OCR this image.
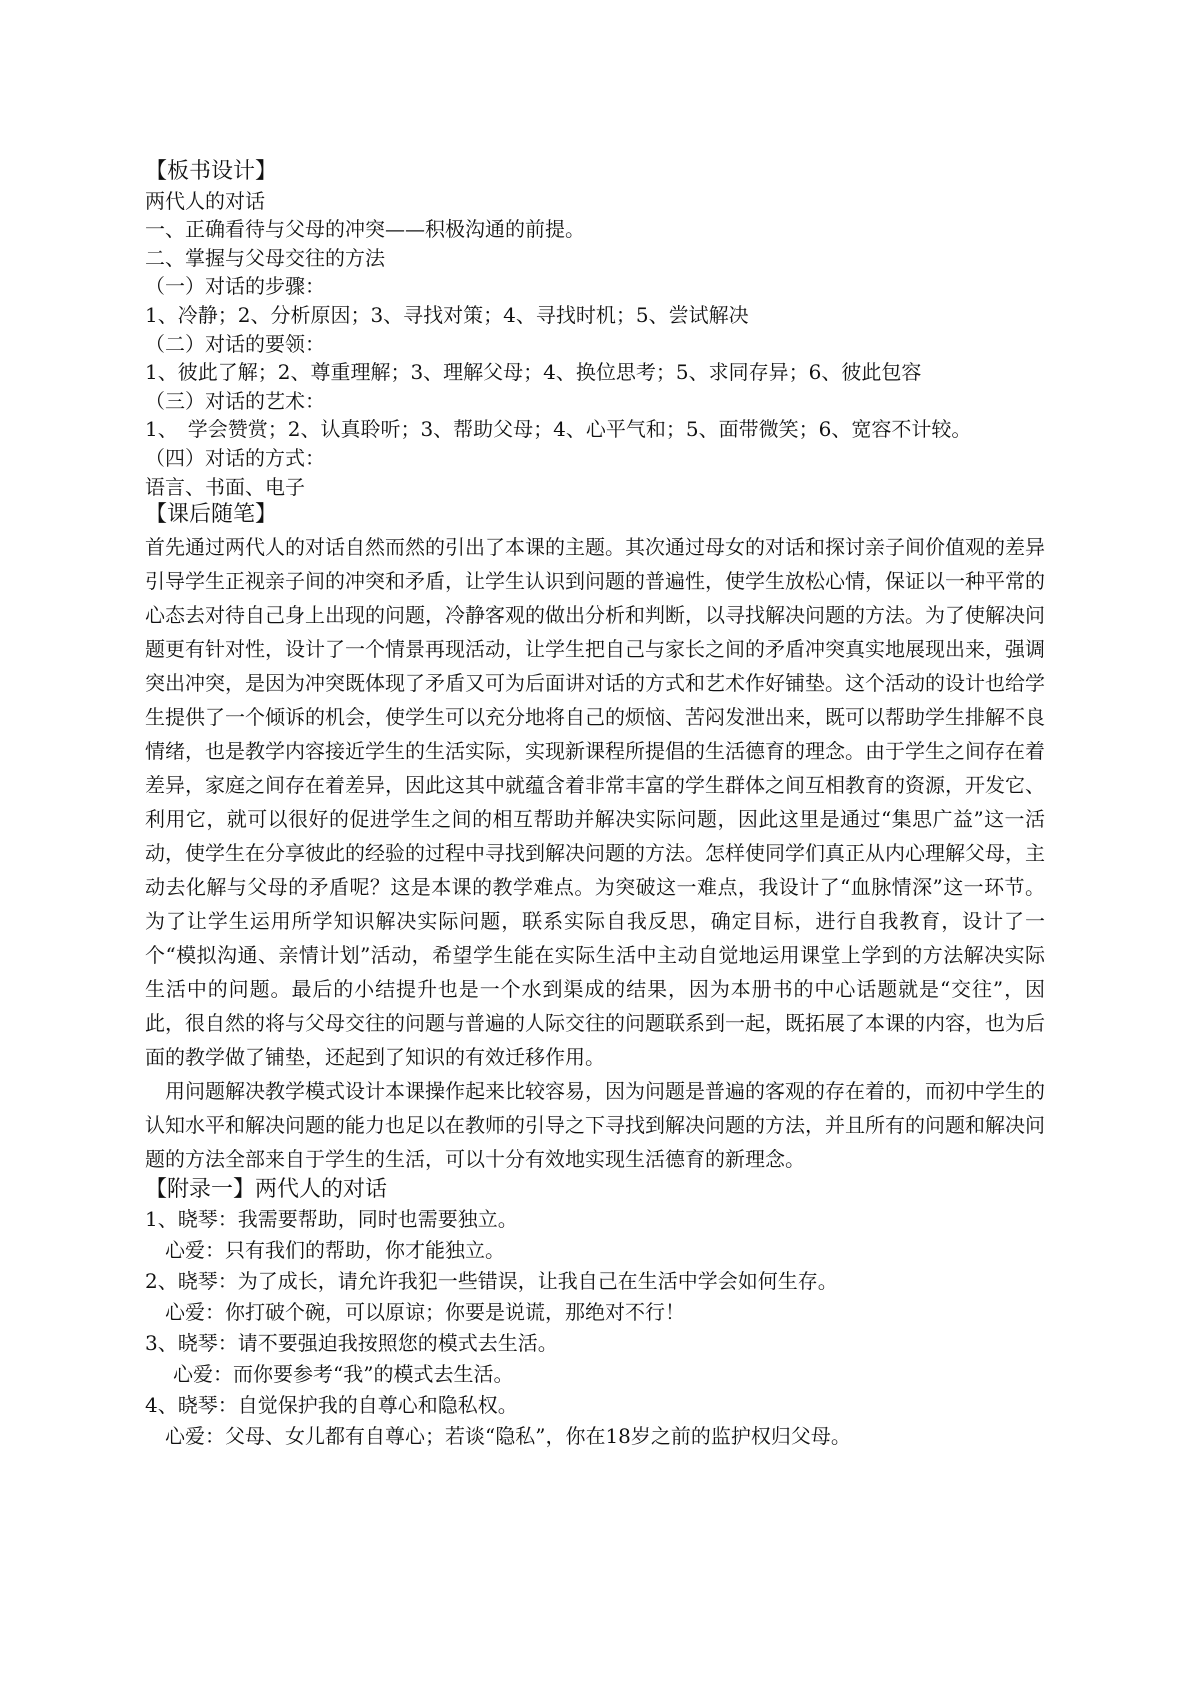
【板书设计】
两代人的对话
一、正确看待与父母的冲突——积极沟通的前提。
二、掌握与父母交往的方法
（一）对话的步骤：
1、冷静；2、分析原因；3、寻找对策；4、寻找时机；5、尝试解决
（二）对话的要领：
1、彼此了解；2、尊重理解；3、理解父母；4、换位思考；5、求同存异；6、彼此包容
（三）对话的艺术：
1、　学会赞赏；2、认真聆听；3、帮助父母；4、心平气和；5、面带微笑；6、宽容不计较。
（四）对话的方式：
语言、书面、电子
【课后随笔】

首先通过两代人的对话自然而然的引出了本课的主题。其次通过母女的对话和探讨亲子间价值观的差异引导学生正视亲子间的冲突和矛盾，让学生认识到问题的普遍性，使学生放松心情，保证以一种平常的心态去对待自己身上出现的问题，冷静客观的做出分析和判断，以寻找解决问题的方法。为了使解决问题更有针对性，设计了一个情景再现活动，让学生把自己与家长之间的矛盾冲突真实地展现出来，强调突出冲突，是因为冲突既体现了矛盾又可为后面讲对话的方式和艺术作好铺垫。这个活动的设计也给学生提供了一个倾诉的机会，使学生可以充分地将自己的烦恼、苦闷发泄出来，既可以帮助学生排解不良情绪，也是教学内容接近学生的生活实际，实现新课程所提倡的生活德育的理念。由于学生之间存在着差异，家庭之间存在着差异，因此这其中就蕴含着非常丰富的学生群体之间互相教育的资源，开发它、利用它，就可以很好的促进学生之间的相互帮助并解决实际问题，因此这里是通过“集思广益”这一活动，使学生在分享彼此的经验的过程中寻找到解决问题的方法。怎样使同学们真正从内心理解父母，主动去化解与父母的矛盾呢？这是本课的教学难点。为突破这一难点，我设计了“血脉情深”这一环节。为了让学生运用所学知识解决实际问题，联系实际自我反思，确定目标，进行自我教育，设计了一个“模拟沟通、亲情计划”活动，希望学生能在实际生活中主动自觉地运用课堂上学到的方法解决实际生活中的问题。最后的小结提升也是一个水到渠成的结果，因为本册书的中心话题就是“交往”，因此，很自然的将与父母交往的问题与普遍的人际交往的问题联系到一起，既拓展了本课的内容，也为后面的教学做了铺垫，还起到了知识的有效迁移作用。

用问题解决教学模式设计本课操作起来比较容易，因为问题是普遍的客观的存在着的，而初中学生的认知水平和解决问题的能力也足以在教师的引导之下寻找到解决问题的方法，并且所有的问题和解决问题的方法全部来自于学生的生活，可以十分有效地实现生活德育的新理念。

【附录一】两代人的对话
1、晓琴：我需要帮助，同时也需要独立。
心爱：只有我们的帮助，你才能独立。
2、晓琴：为了成长，请允许我犯一些错误，让我自己在生活中学会如何生存。
心爱：你打破个碗，可以原谅；你要是说谎，那绝对不行！
3、晓琴：请不要强迫我按照您的模式去生活。
心爱：而你要参考“我”的模式去生活。
4、晓琴：自觉保护我的自尊心和隐私权。
心爱：父母、女儿都有自尊心；若谈“隐私”，你在18岁之前的监护权归父母。
